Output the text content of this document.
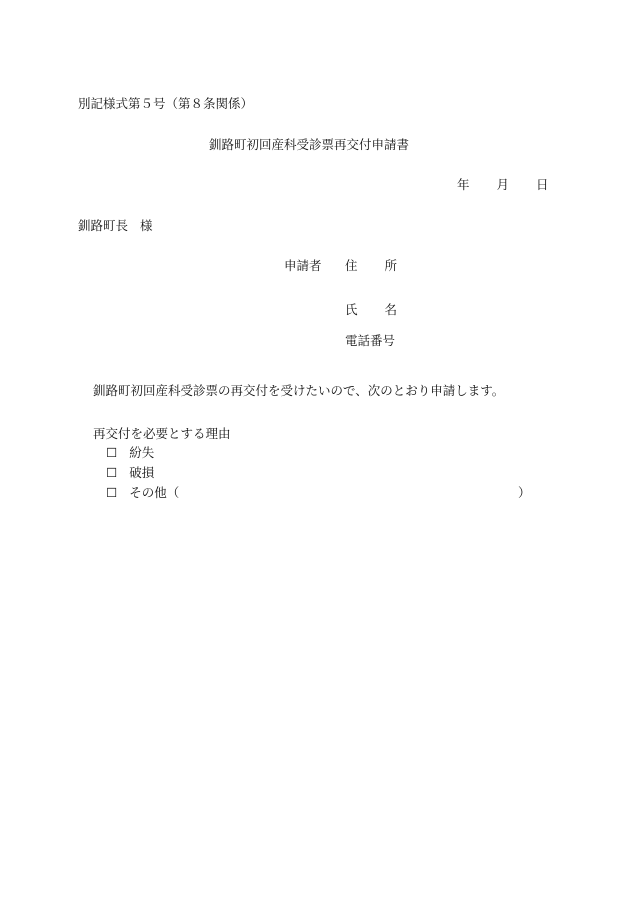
別記様式第５号（第８条関係）
釧路町初回産科受診票再交付申請書
年 月 日
釧路町長 様
申請者 住 所
氏 名
電話番号
釧路町初回産科受診票の再交付を受けたいので、次のとおり申請します。
再交付を必要とする理由
☐ 紛失
☐ 破損
☐ その他（	）
